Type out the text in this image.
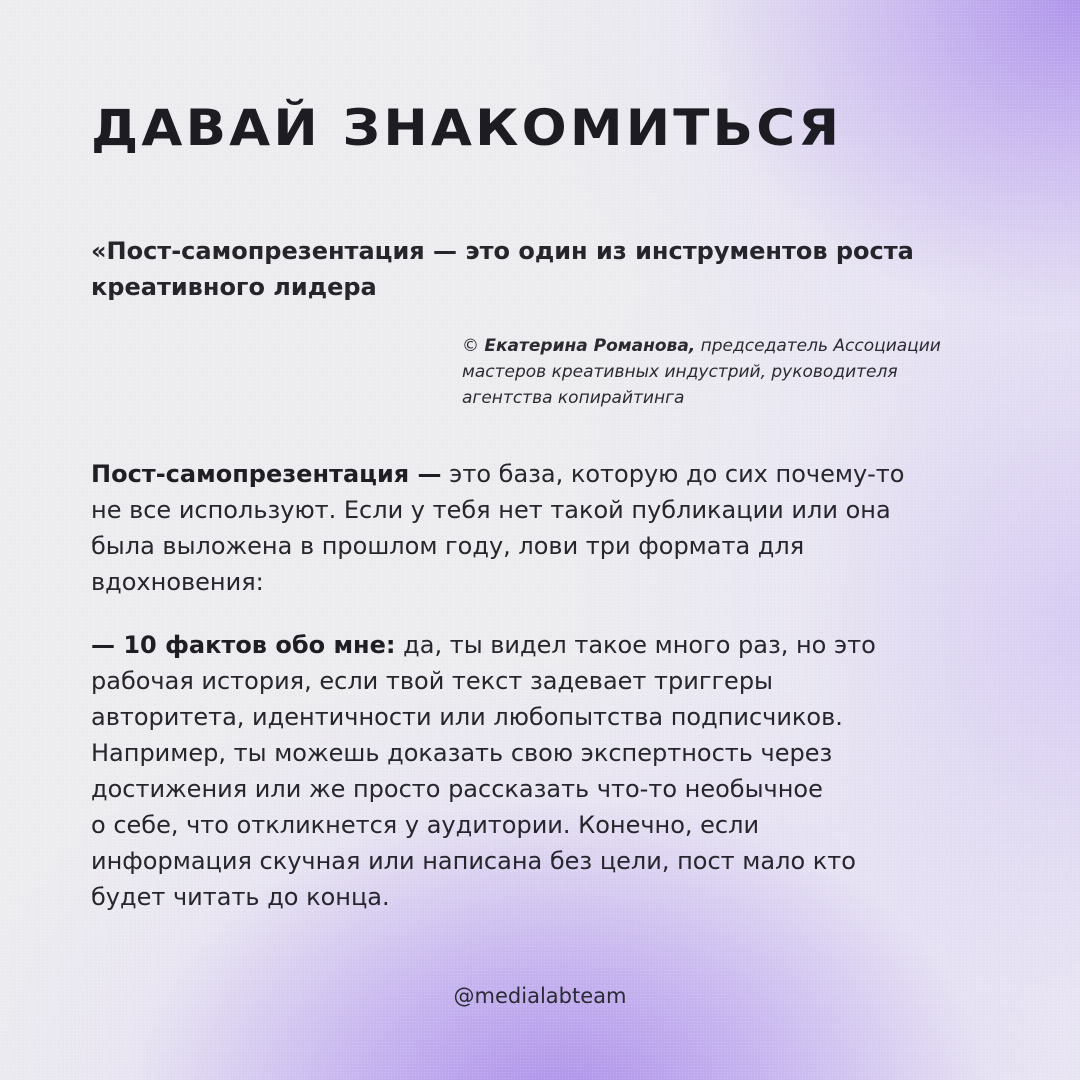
ДАВАЙ ЗНАКОМИТЬСЯ
«Пост-самопрезентация — это один из инструментов роста
креативного лидера
© Екатерина Романова, председатель Ассоциации
мастеров креативных индустрий, руководителя
агентства копирайтинга
Пост-самопрезентация — это база, которую до сих почему-то
не все используют. Если у тебя нет такой публикации или она
была выложена в прошлом году, лови три формата для
вдохновения:
— 10 фактов обо мне: да, ты видел такое много раз, но это
рабочая история, если твой текст задевает триггеры
авторитета, идентичности или любопытства подписчиков.
Например, ты можешь доказать свою экспертность через
достижения или же просто рассказать что-то необычное
о себе, что откликнется у аудитории. Конечно, если
информация скучная или написана без цели, пост мало кто
будет читать до конца.
@medialabteam
